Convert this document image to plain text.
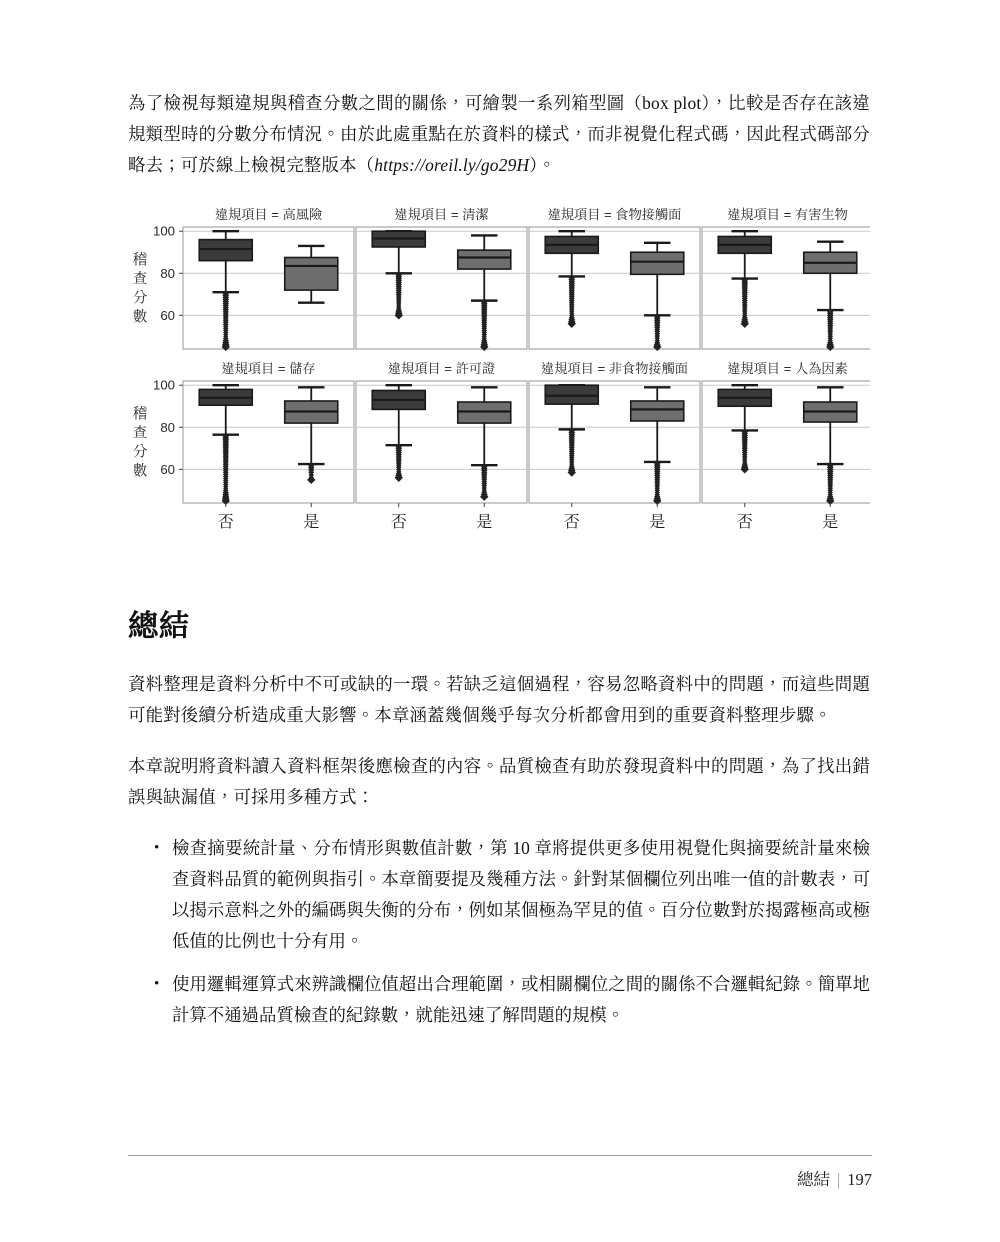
為了檢視每類違規與稽查分數之間的關係，可繪製一系列箱型圖（box plot），比較是否存在該違規類型時的分數分布情況。由於此處重點在於資料的樣式，而非視覺化程式碼，因此程式碼部分略去；可於線上檢視完整版本（https://oreil.ly/go29H）。

違規項目 = 高風險
100
80
60
違規項目 = 清潔	違規項目 = 食物接觸面	違規項目 = 有害生物
違規項目 = 儲存
100
80
60
違規項目 = 許可證	違規項目 = 非食物接觸面	違規項目 = 人為因素
否	是	否	是	否	是	否	是
稽
查
分
數
稽
查
分
數
總結

資料整理是資料分析中不可或缺的一環。若缺乏這個過程，容易忽略資料中的問題，而這些問題可能對後續分析造成重大影響。本章涵蓋幾個幾乎每次分析都會用到的重要資料整理步驟。

本章說明將資料讀入資料框架後應檢查的內容。品質檢查有助於發現資料中的問題，為了找出錯誤與缺漏值，可採用多種方式：

• 檢查摘要統計量、分布情形與數值計數，第 10 章將提供更多使用視覺化與摘要統計量來檢查資料品質的範例與指引。本章簡要提及幾種方法。針對某個欄位列出唯一值的計數表，可以揭示意料之外的編碼與失衡的分布，例如某個極為罕見的值。百分位數對於揭露極高或極低值的比例也十分有用。
• 使用邏輯運算式來辨識欄位值超出合理範圍，或相關欄位之間的關係不合邏輯紀錄。簡單地計算不通過品質檢查的紀錄數，就能迅速了解問題的規模。
總結 | 197
